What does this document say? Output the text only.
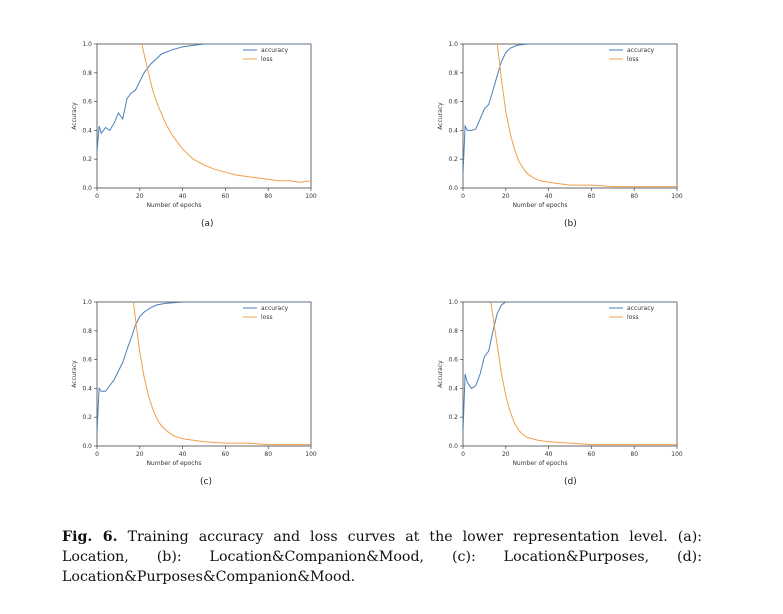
0	20	40	60	80	100
0.0
0.2
0.4
0.6
0.8
1.0
Number of epochs
Accuracy
accuracy
loss
(a)
0	20	40	60	80	100
0.0
0.2
0.4
0.6
0.8
1.0
Number of epochs
Accuracy
accuracy
loss
(b)
0	20	40	60	80	100
0.0
0.2
0.4
0.6
0.8
1.0
Number of epochs
Accuracy
accuracy
loss
(c)
0	20	40	60	80	100
0.0
0.2
0.4
0.6
0.8
1.0
Number of epochs
Accuracy
accuracy
loss
(d)
Fig. 6. Training accuracy and loss curves at the lower representation level. (a): Location, (b): Location&Companion&Mood, (c): Location&Purposes, (d): Location&Purposes&Companion&Mood.
